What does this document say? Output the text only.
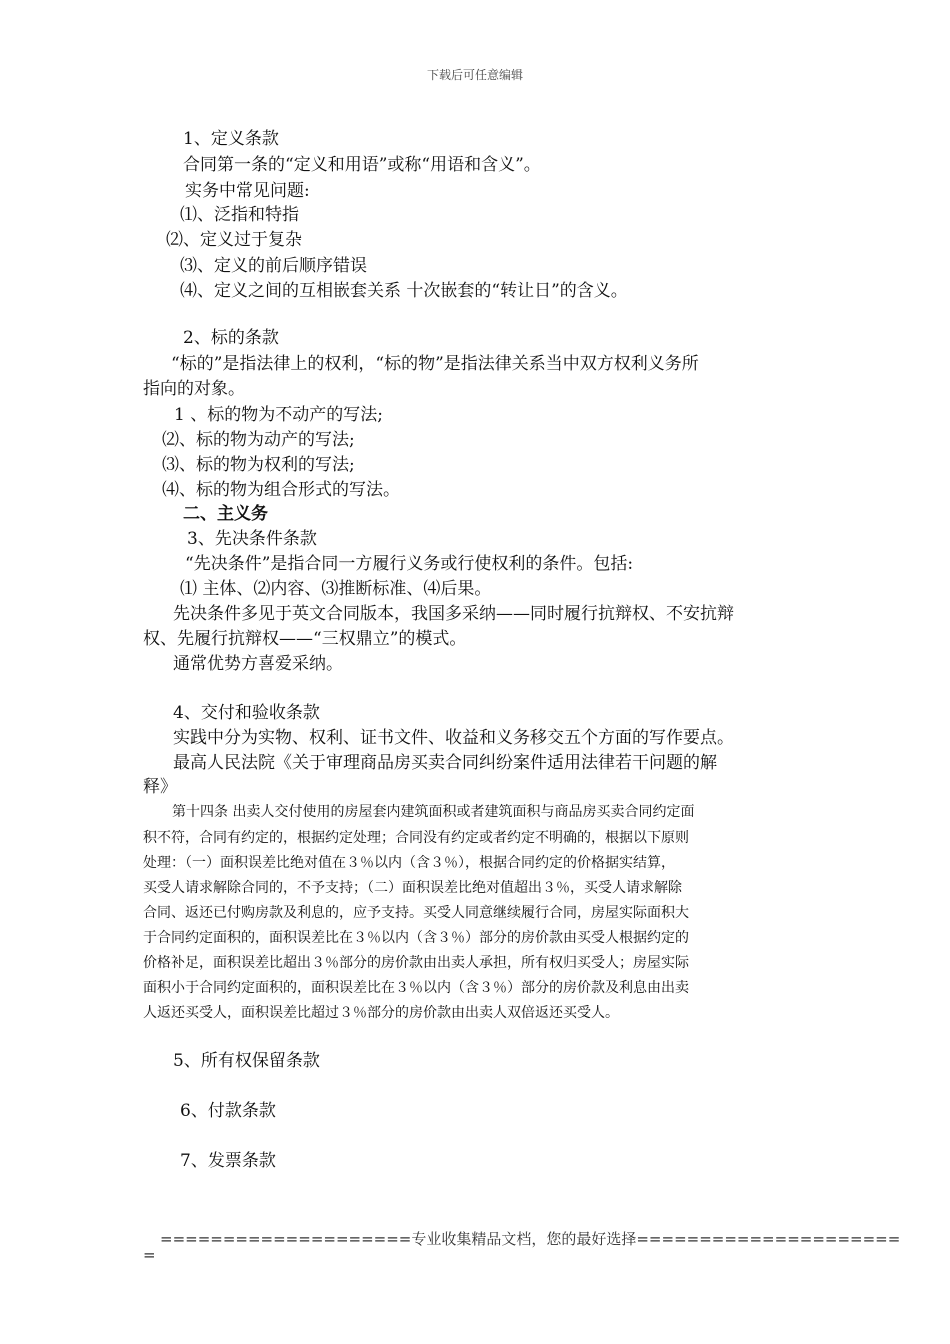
下载后可任意编辑
1、定义条款
合同第一条的“定义和用语”或称“用语和含义”。
实务中常见问题:
⑴、泛指和特指
⑵、定义过于复杂
⑶、定义的前后顺序错误
⑷、定义之间的互相嵌套关系 十次嵌套的“转让日”的含义。
2、标的条款
“标的”是指法律上的权利，“标的物”是指法律关系当中双方权利义务所
指向的对象。
1 、标的物为不动产的写法;
⑵、标的物为动产的写法;
⑶、标的物为权利的写法;
⑷、标的物为组合形式的写法。
二、主义务
3、先决条件条款
“先决条件”是指合同一方履行义务或行使权利的条件。包括:
⑴ 主体、⑵内容、⑶推断标准、⑷后果。
先决条件多见于英文合同版本，我国多采纳——同时履行抗辩权、不安抗辩
权、先履行抗辩权——“三权鼎立”的模式。
通常优势方喜爱采纳。
4、交付和验收条款
实践中分为实物、权利、证书文件、收益和义务移交五个方面的写作要点。
最高人民法院《关于审理商品房买卖合同纠纷案件适用法律若干问题的解
释》
第十四条 出卖人交付使用的房屋套内建筑面积或者建筑面积与商品房买卖合同约定面
积不符，合同有约定的，根据约定处理；合同没有约定或者约定不明确的，根据以下原则
处理：（一）面积误差比绝对值在３％以内（含３％），根据合同约定的价格据实结算，
买受人请求解除合同的，不予支持；（二）面积误差比绝对值超出３％，买受人请求解除
合同、返还已付购房款及利息的，应予支持。买受人同意继续履行合同，房屋实际面积大
于合同约定面积的，面积误差比在３％以内（含３％）部分的房价款由买受人根据约定的
价格补足，面积误差比超出３％部分的房价款由出卖人承担，所有权归买受人；房屋实际
面积小于合同约定面积的，面积误差比在３％以内（含３％）部分的房价款及利息由出卖
人返还买受人，面积误差比超过３％部分的房价款由出卖人双倍返还买受人。
5、所有权保留条款
6、付款条款
7、发票条款
====================专业收集精品文档，您的最好选择=====================
=
